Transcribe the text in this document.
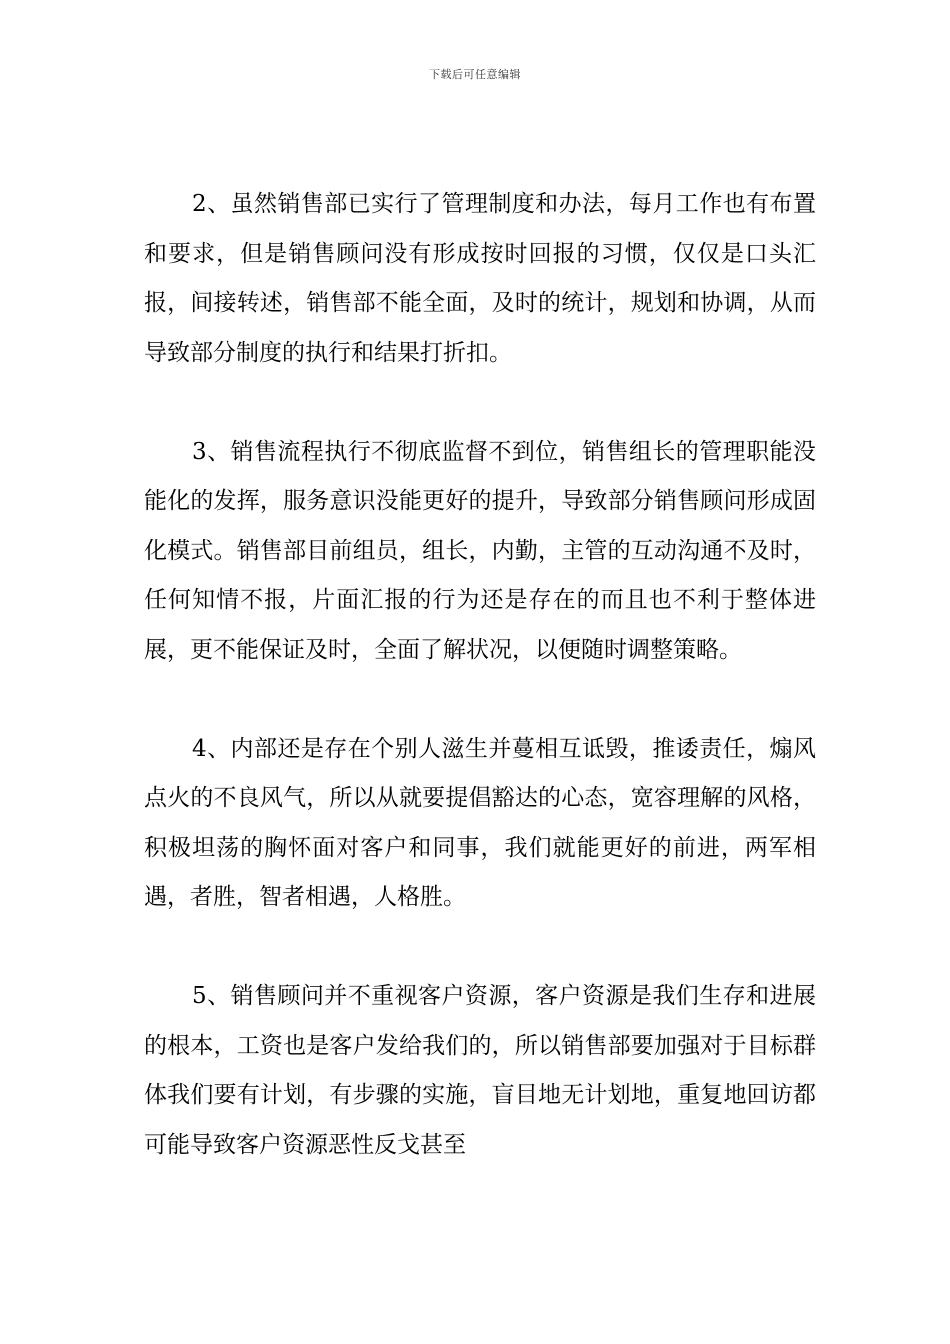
下载后可任意编辑

2、虽然销售部已实行了管理制度和办法，每月工作也有布置和要求，但是销售顾问没有形成按时回报的习惯，仅仅是口头汇报，间接转述，销售部不能全面，及时的统计，规划和协调，从而导致部分制度的执行和结果打折扣。

3、销售流程执行不彻底监督不到位，销售组长的管理职能没能化的发挥，服务意识没能更好的提升，导致部分销售顾问形成固化模式。销售部目前组员，组长，内勤，主管的互动沟通不及时，任何知情不报，片面汇报的行为还是存在的而且也不利于整体进展，更不能保证及时，全面了解状况，以便随时调整策略。

4、内部还是存在个别人滋生并蔓相互诋毁，推诿责任，煽风点火的不良风气，所以从就要提倡豁达的心态，宽容理解的风格，积极坦荡的胸怀面对客户和同事，我们就能更好的前进，两军相遇，者胜，智者相遇，人格胜。

5、销售顾问并不重视客户资源，客户资源是我们生存和进展的根本，工资也是客户发给我们的，所以销售部要加强对于目标群体我们要有计划，有步骤的实施，盲目地无计划地，重复地回访都可能导致客户资源恶性反戈甚至
